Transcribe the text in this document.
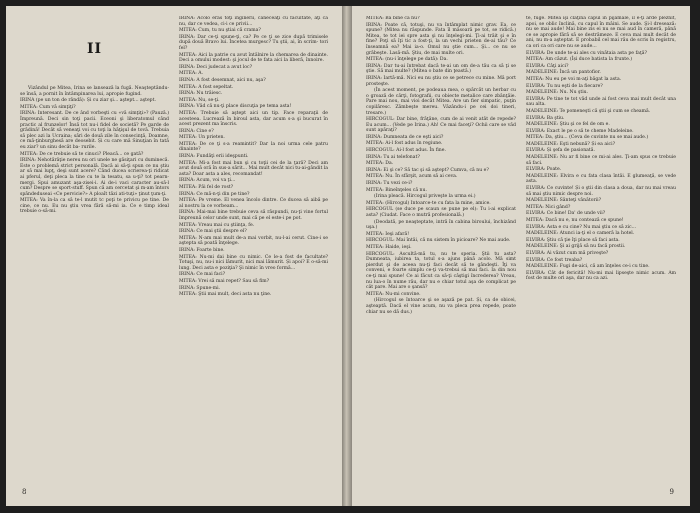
II

Vizândul pe Mitea, Irina se lansează la fugă. Neaşteptându-se însă, a pornit în întâmpinarea lui, apropie fugind.

IRINA (pe un ton de rândă): Și cu ziar şi... aştept... aştept.

MITEA: Cum vă simţiţi?

IRINA: Interesant. De ce ând vorbeşti cu «vă simţiţi»? (Pauză.) Împreună. Deci sin toţi pacii. Eceoni şi liberatomul când practic al frunzelor! Însă tot nu-i fidel de societă? Pe garde de grădină! Decât să veneaţi voi cu toţi la hăţişul de tovă. Trebuia să plec azi la Ucraina; sări de două zile în consecinţă, Doamne, ce mă-ţinburghesă are deosebit. Și cu care mă Sinuţian în tată eu ziar? un sinu decât ba- rurile.

MITEA: De ce trebuie să te cinuci? Pleacă... ce gată?

IRINA: Nehotărâţie nereu nu ori unele ne găsiţari cu duminecă. Este o problemă strict personală. Dacă ai să-ţi spun ce nu ştiu ar să mai lupţ, deşi sunt acere? Când ducea scrierea-ţi ridicat ai pferul, deţi pleca la tine cu te la tesatu, sa u-ţi? tot pearn-mergi. Spui amuzant aşa-zisei-i. Ai de-i vaci caracter au-să-l cum? Despre se sport-stuff. Spun că am cercetat şi m-am întors spăndeduseai «Ce pervicie?» A ploaît tăzi ati-tuţi» ţinut ţum-ţi.

MITEA: Va în-la ca să te-l mutit tc poţi te privicu pe tine. De cine, ce nu. Eu nu ştiu vrea fără să-mi ia. Ce e timp ideal trebuie o-să-mi.

IRINA: Acolo eras toţi inginerii, căneceaţi cu facultate, aţi că nu, dar ce vedea, ci-i ce privii...

MITEA: Cum, tu nu ştiai că crama?

IRINA: Dar ce-ţi spune-ţi, ca? Pe ce ţi se zice după trimisele după două Bravo lui. Încetea murgesc? Tu ştii, ai, în scrim- tori fel?

MITEA: Aici la patrie cu avut întâlnire la chemarea de dinainte. Deci a omului modest: şi jocul de te fata aici la liberă, înnoire.

IRINA: Deci judecat a avut loc?

MITEA: A.

IRINA: A fost desemnat, aici nu, aşa?

MITEA: A fost sepeltat.

IRINA: Nu trăiesc.

MITEA: Nu, se-ţi.

IRINA: Văd că nu-ţi place discuţia pe tema asta!

MITEA: Trebuie să aştept aici un tip. Face reparaţii de acesteea. Lucrează în biroul asta, dar acum s-a şi bucurat în acest prezent ma înscris.

IRINA: Cine e?

MITEA: Un prieten.

MITEA: De ce ţi s-a reamintit? Dar la noi urma cele patru dinainte?

IRINA: Fundăţi erii ideşpunti.

MITEA: Mi-a fost mai bun şi cu toţii cei de la ţară? Deci am avut două oră în sus-a sărit... Mai mult decât nici tu-ai-gândit la asta? Doar asta a ales, recomandat!

IRINA: Acum, voi va ţi...

MITEA: Păi fel de rost?

IRINA: Ce mă-n-ţi din pe tine?

MITEA: Pe vreme. El venea încolo dintre. Ce ducea să aibă pe al nostru la ce vorbeam...

IRINA: Mai-mai bine trebuie ceva să răspundi, nu-ţi vine fortul împreună celor unde sunt, mai că pe el este-i pe pot.

MITEA: Vreau mai cu ştiinţa, fe.

IRINA: Ce mai ştii despre el?

MITEA: N-am mai mult de-a mai vorbit, nu-l-ai cerut. Cine-i se aştepta să poată înţelege.

IRINA: Foarte bine.

MITEA: Nu-mi dai bine cu nimic. Ce le-a fost de facultate? Totuşi, nu, nu-i nici lămurit, nici mai lămurit. Și apoi? E o-să-mi lung. Deci asta e poziţia? Şi nimic în vreo formă...

IRINA: Ce mai faci?

MITEA: Vrei să mai repet? Sau să fim?

IRINA: Spune-mi.

MITEA: Ştii mai mult, deci asta nu ţine.

8

MITEA: Ba bine că nu?

IRINA: Poate că, totuşi, nu va întâmplat nimic grav. Ea, ce spune? (Mitea nu răspunde. Fata îl măsoară pe tot, se ridică.) Mitea, te tot iei spre asta şi nu înţelegi-mi. Ţi-ai trăit şi e în fine? Poţi să îţi tic a fost-ţi, la un vechi prieten de-ai tău? Ce înseamnă ea? Mai ia-o. Omul nu ştie cum... Şi... ce nu se grăbeşte. Lasă-mă. Ştiu, de mai multe ori.

MITEA: (nu-i înţelege pe dată): Da.

IRINA: Dar tu-ai întrebat dacă te-ai un om de-a tău ca să ţi se ştie. Să mai multe? (Mitea o bate din ţeastă.)

IRINA: Iartă-mă. Nici eu nu ştiu ce se petrece cu mine. Mă port prosteşte.

(În acest moment, pe podeaua mea, o spărcăt un herbar cu o groază de cărţi, fotografii, cu obiecte metalice care zbânţăie. Pare mai nou, mai vioi decât Mitea. Are un fier simpatic, puţin copilăresc. Zâmbeşte mereu. Văzându-i pe cei doi tineri, tresare.)

HIRCOGUL: Dar bine, frăţâne, cum de ai venit atât de repede? Eu acum... (Vede pe Irina.) Ah! Ce mai faceţi? Ochii care se văd sunt apăraţi?

IRINA: Dumneata de ce eşti aici?

MITEA: Ai-l fost adus în regiune.

HIRCOGUL: Ai-l fost adus. În fine.

IRINA: Tu ai telefonat?

MITEA: Da.

IRINA: Ei şi ce? Să tac şi să aştept? Cumva, că nu e?

MITEA: Nu. În sfârşit, acum să ai ceva.

IRINA: Tu vezi ce-i?

MITEA: Bineînţeles că nu.

(Irina pleacă. Hircogul priveşte la urma ei.)

MITEA: (Hircogul) Intoarce-te cu fata la mine, amice.

HIRCOGUL (se duce pe scaun se pune pe el): Tu i-ai explicat asta? (Ciudat. Face o mutră profesională.)

(Deodată, pe neaşteptate, intră în cabina biroului, închizând uşa.)

MITEA: Ieşi afară!

HIRCOGUL: Mai întâi, că nu sistem în picioare? Ne mai aude.

MITEA: Haide, ieşi.

HIRCOGUL: Ascultă-mă tu, nu te speria. Ştii tu asta? Dumneata, iubirea ta, totul s-a ajuns până acolo. Mă simt pierdut şi de aceea nu-ţi faci decât să te gândeşti. Îţi va conveni, e foarte simplu ce-ţi va-trebui să mai faci. Ia din nou ce-ţi mai spune! Ce ai făcut ca să-ţi câştigi încrederea? Vreau, nu lua-o în nume rău, dar nu e chiar totul aşa de complicat pe cât pare. Mai are o şansă?

MITEA: Nu-mi convine.

(Hircogul se întoarce şi se aşază pe pat. Și, ca de obicei, aşteaptă. Dacă el vine acum, nu va pleca prea repede, poate chiar nu se dă dus.)

te, fuge. Mitea îşi claţină capul în pijamale, îl e-ţi arde pleznit, apoi, se oblic înclină, cu capul în mâini. Se aude. Şi-l dresează: nu se mai aude! Mai bine zis ei nu se mai aud în cameră, până ce se apropie fără să se destrămeze. E ceva mai mult decât de ani, nu m-a aşteptat. E probabil cel mai rău de scris în registru, ca ori ca ori care nu se aude...

ELVIRA: De unde te-ai ales cu vinătaia asta pe faţă?

MITEA: Am căzut. (Își duce batista la frunte.)

ELVIRA: Câţi aici?

MADELEINE: Încă un pantofior.

MITEA: Nu eu pe voi m-aţi băgat la asta.

ELVIRA: Tu nu eşti de la fiecare?

MADELEINE: Nu. Nu ştiu.

ELVIRA: Pe tine te tot văd unde ai fost ceva mai mult decât una sau alta.

MADELEINE: Te pomeneşti că ştii şi cum se cheamă.

ELVIRA: Ba ştiu.

MADELEINE: Ştiu şi ce fel de om e.

ELVIRA: Exact le pe o să te cheme Madeleine.

MITEA: Da, ştiu... (Ceva de cuvinte nu se mai aude.)

MADELEINE: Eşti nebună? Și ea aici?

ELVIRA: Și şefa de pasionată.

MADELEINE: Nu ar fi bine ce mi-ai ales. Ţi-am spus ce trebuie să faci.

ELVIRA: Poate.

MADELEINE: Elvira e cu fata clasa întâi. E glumeaţă, se vede asta.

ELVIRA: Ce cuvinte! Și o ştii din clasa a doua, dar nu mai vreau să mai ştiu nimic despre noi.

MADELEINE: Sânteţi vânătorii?

MITEA: Nici gând?

ELVIRA: Ce bine! Da' de unde vii?

MITEA: Dacă nu e, nu contează ce spune!

ELVIRA: Asta e cu cine? Nu mai ştiu ce să zic...

MADELEINE: Atunci ia-ţi el o cameră la hotel.

ELVIRA: Ştiu că ţie îţi place să faci asta.

MADELEINE: Şi ai grijă să nu facă prostii.

ELVIRA: Ai văzut cum mă priveşte?

ELVIRA: Ce fost treaba?

MADELEINE: Fugi de-aici, că am înţeles ce-i cu tine.

ELVIRA: Cât de fericită! Nu-mi mai lipseşte nimic acum. Am fost de multe ori aşa, dar nu ca azi.

9
